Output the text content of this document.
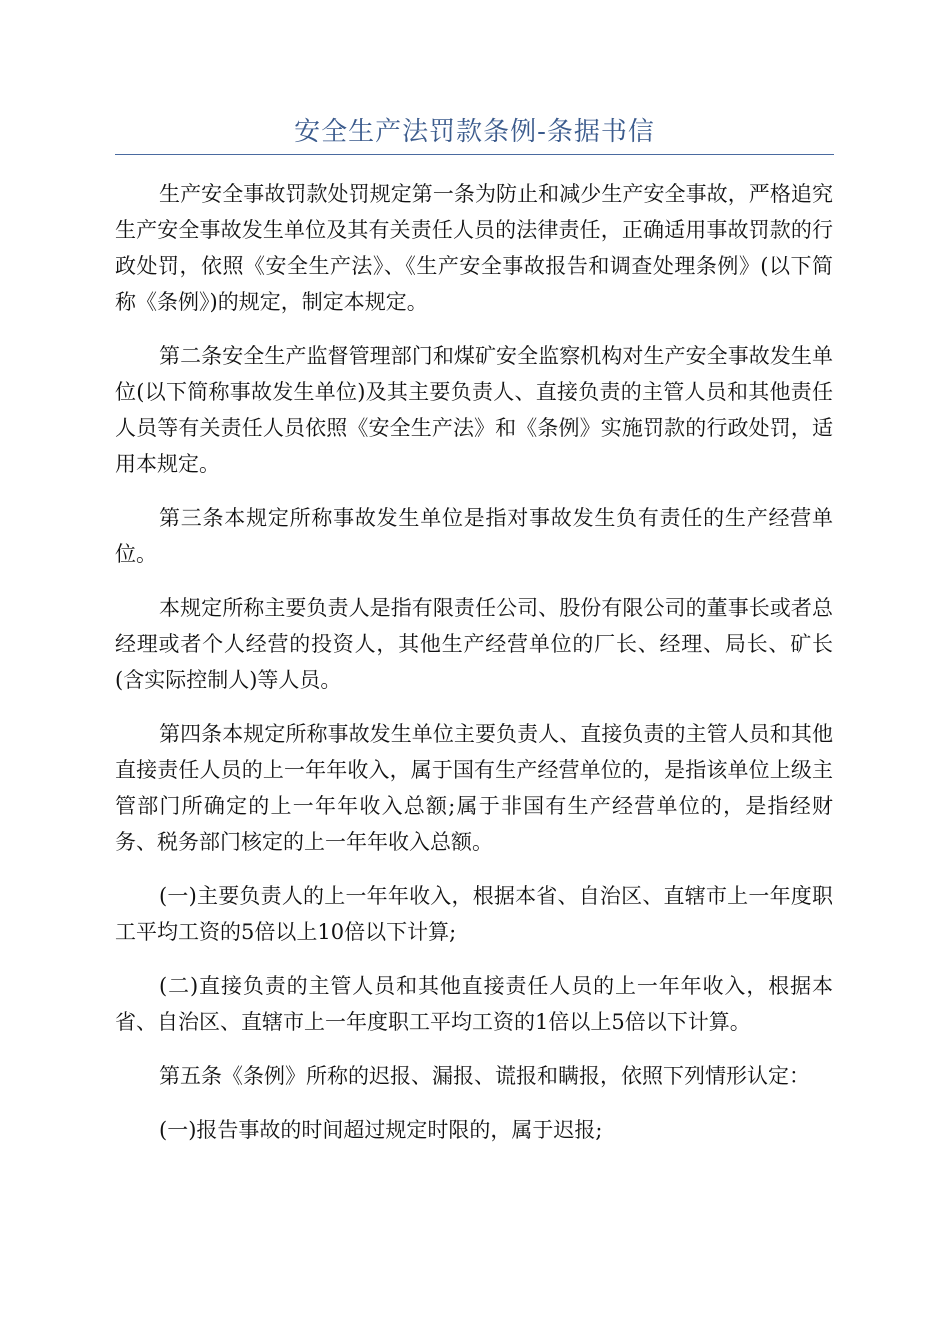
安全生产法罚款条例-条据书信

生产安全事故罚款处罚规定第一条为防止和减少生产安全事故，严格追究生产安全事故发生单位及其有关责任人员的法律责任，正确适用事故罚款的行政处罚，依照《安全生产法》、《生产安全事故报告和调查处理条例》(以下简称《条例》)的规定，制定本规定。

第二条安全生产监督管理部门和煤矿安全监察机构对生产安全事故发生单位(以下简称事故发生单位)及其主要负责人、直接负责的主管人员和其他责任人员等有关责任人员依照《安全生产法》和《条例》实施罚款的行政处罚，适用本规定。

第三条本规定所称事故发生单位是指对事故发生负有责任的生产经营单位。

本规定所称主要负责人是指有限责任公司、股份有限公司的董事长或者总经理或者个人经营的投资人，其他生产经营单位的厂长、经理、局长、矿长(含实际控制人)等人员。

第四条本规定所称事故发生单位主要负责人、直接负责的主管人员和其他直接责任人员的上一年年收入，属于国有生产经营单位的，是指该单位上级主管部门所确定的上一年年收入总额;属于非国有生产经营单位的，是指经财务、税务部门核定的上一年年收入总额。

(一)主要负责人的上一年年收入，根据本省、自治区、直辖市上一年度职工平均工资的5倍以上10倍以下计算;

(二)直接负责的主管人员和其他直接责任人员的上一年年收入，根据本省、自治区、直辖市上一年度职工平均工资的1倍以上5倍以下计算。

第五条《条例》所称的迟报、漏报、谎报和瞒报，依照下列情形认定：

(一)报告事故的时间超过规定时限的，属于迟报;
